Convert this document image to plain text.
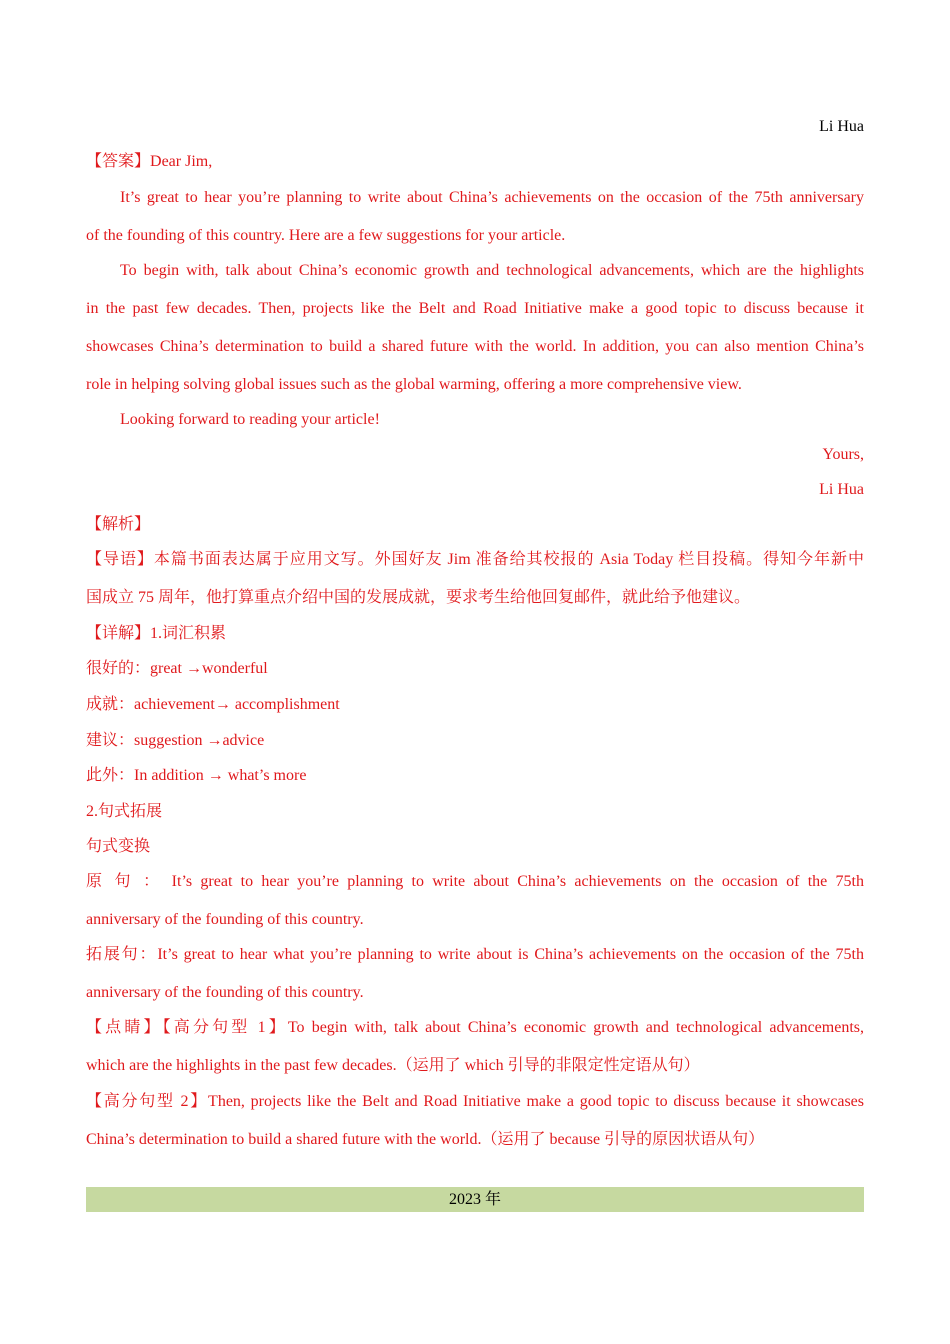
Li Hua
【答案】Dear Jim,
It’s great to hear you’re planning to write about China’s achievements on the occasion of the 75th anniversary
of the founding of this country. Here are a few suggestions for your article.
To begin with, talk about China’s economic growth and technological advancements, which are the highlights
in the past few decades. Then, projects like the Belt and Road Initiative make a good topic to discuss because it
showcases China’s determination to build a shared future with the world. In addition, you can also mention China’s
role in helping solving global issues such as the global warming, offering a more comprehensive view.
Looking forward to reading your article!
Yours,
Li Hua
【解析】
【导语】本篇书面表达属于应用文写。外国好友 Jim 准备给其校报的 Asia Today 栏目投稿。得知今年新中
国成立 75 周年，他打算重点介绍中国的发展成就，要求考生给他回复邮件，就此给予他建议。
【详解】1.词汇积累
很好的：great →wonderful
成就：achievement→ accomplishment
建议：suggestion →advice
此外：In addition → what’s more
2.句式拓展
句式变换
原 句 ： It’s great to hear you’re planning to write about China’s achievements on the occasion of the 75th
anniversary of the founding of this country.
拓展句：It’s great to hear what you’re planning to write about is China’s achievements on the occasion of the 75th
anniversary of the founding of this country.
【点睛】【高分句型 1】To begin with, talk about China’s economic growth and technological advancements,
which are the highlights in the past few decades.（运用了 which 引导的非限定性定语从句）
【高分句型 2】Then, projects like the Belt and Road Initiative make a good topic to discuss because it showcases
China’s determination to build a shared future with the world.（运用了 because 引导的原因状语从句）
2023 年
